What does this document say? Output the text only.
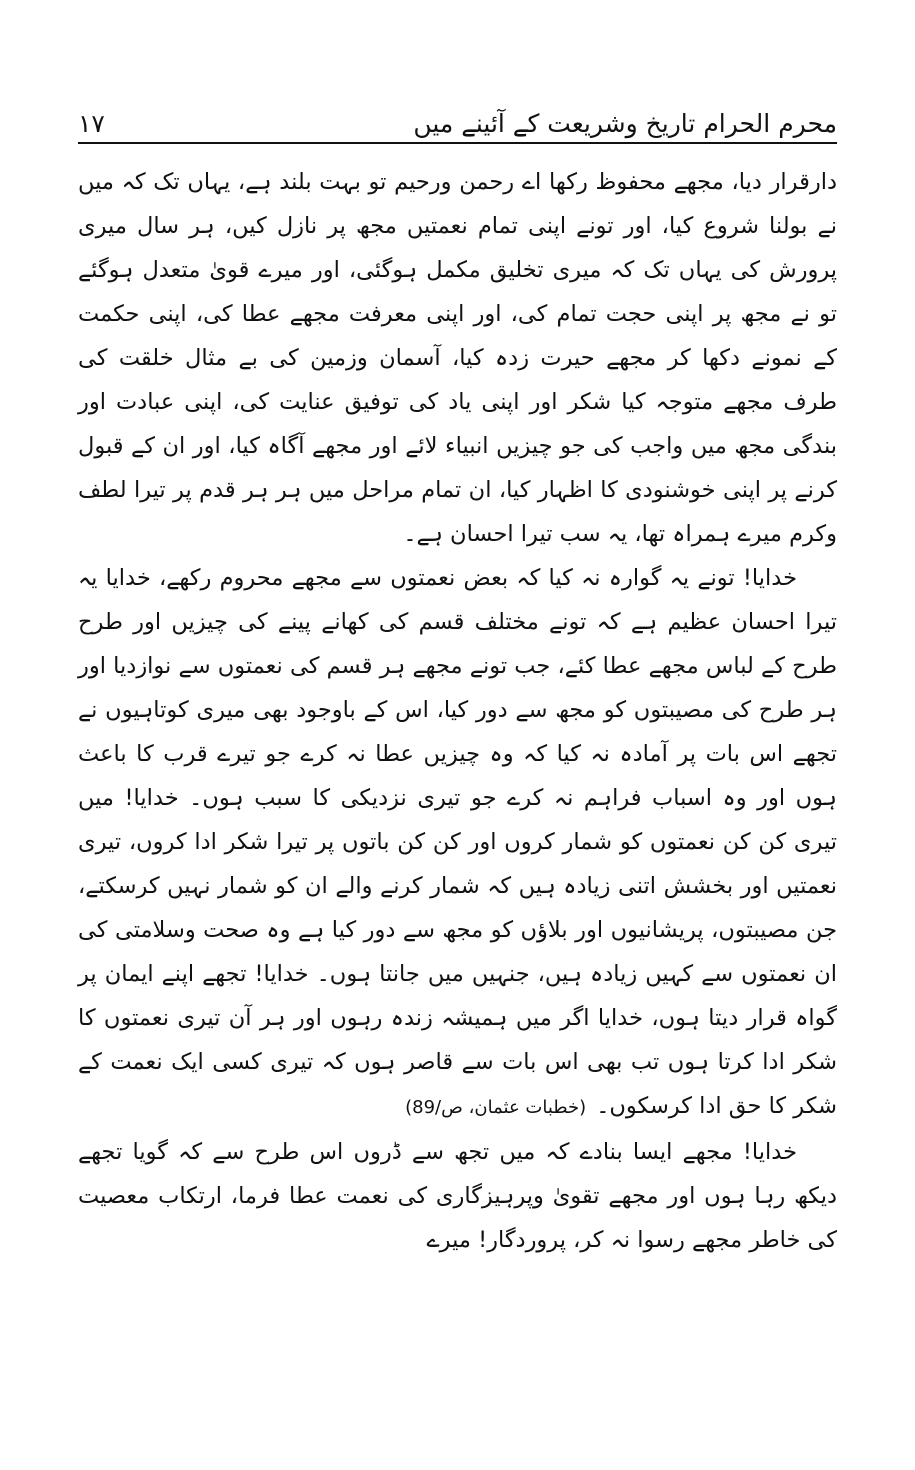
محرم الحرام تاریخ وشریعت کے آئینے میں
۱۷

دارقرار دیا، مجھے محفوظ رکھا اے رحمن ورحیم تو بہت بلند ہے، یہاں تک کہ میں نے بولنا شروع کیا، اور تونے اپنی تمام نعمتیں مجھ پر نازل کیں، ہر سال میری پرورش کی یہاں تک کہ میری تخلیق مکمل ہوگئی، اور میرے قویٰ متعدل ہوگئے تو نے مجھ پر اپنی حجت تمام کی، اور اپنی معرفت مجھے عطا کی، اپنی حکمت کے نمونے دکھا کر مجھے حیرت زدہ کیا، آسمان وزمین کی بے مثال خلقت کی طرف مجھے متوجہ کیا شکر اور اپنی یاد کی توفیق عنایت کی، اپنی عبادت اور بندگی مجھ میں واجب کی جو چیزیں انبیاء لائے اور مجھے آگاہ کیا، اور ان کے قبول کرنے پر اپنی خوشنودی کا اظہار کیا، ان تمام مراحل میں ہر ہر قدم پر تیرا لطف وکرم میرے ہمراہ تھا، یہ سب تیرا احسان ہے۔

خدایا! تونے یہ گوارہ نہ کیا کہ بعض نعمتوں سے مجھے محروم رکھے، خدایا یہ تیرا احسان عظیم ہے کہ تونے مختلف قسم کی کھانے پینے کی چیزیں اور طرح طرح کے لباس مجھے عطا کئے، جب تونے مجھے ہر قسم کی نعمتوں سے نوازدیا اور ہر طرح کی مصیبتوں کو مجھ سے دور کیا، اس کے باوجود بھی میری کوتاہیوں نے تجھے اس بات پر آمادہ نہ کیا کہ وہ چیزیں عطا نہ کرے جو تیرے قرب کا باعث ہوں اور وہ اسباب فراہم نہ کرے جو تیری نزدیکی کا سبب ہوں۔ خدایا! میں تیری کن کن نعمتوں کو شمار کروں اور کن کن باتوں پر تیرا شکر ادا کروں، تیری نعمتیں اور بخشش اتنی زیادہ ہیں کہ شمار کرنے والے ان کو شمار نہیں کرسکتے، جن مصیبتوں، پریشانیوں اور بلاؤں کو مجھ سے دور کیا ہے وہ صحت وسلامتی کی ان نعمتوں سے کہیں زیادہ ہیں، جنہیں میں جانتا ہوں۔ خدایا! تجھے اپنے ایمان پر گواہ قرار دیتا ہوں، خدایا اگر میں ہمیشہ زندہ رہوں اور ہر آن تیری نعمتوں کا شکر ادا کرتا ہوں تب بھی اس بات سے قاصر ہوں کہ تیری کسی ایک نعمت کے شکر کا حق ادا کرسکوں۔(خطبات عثمان، ص/89)

خدایا! مجھے ایسا بنادے کہ میں تجھ سے ڈروں اس طرح سے کہ گویا تجھے دیکھ رہا ہوں اور مجھے تقویٰ وپرہیزگاری کی نعمت عطا فرما، ارتکاب معصیت کی خاطر مجھے رسوا نہ کر، پروردگار! میرے
